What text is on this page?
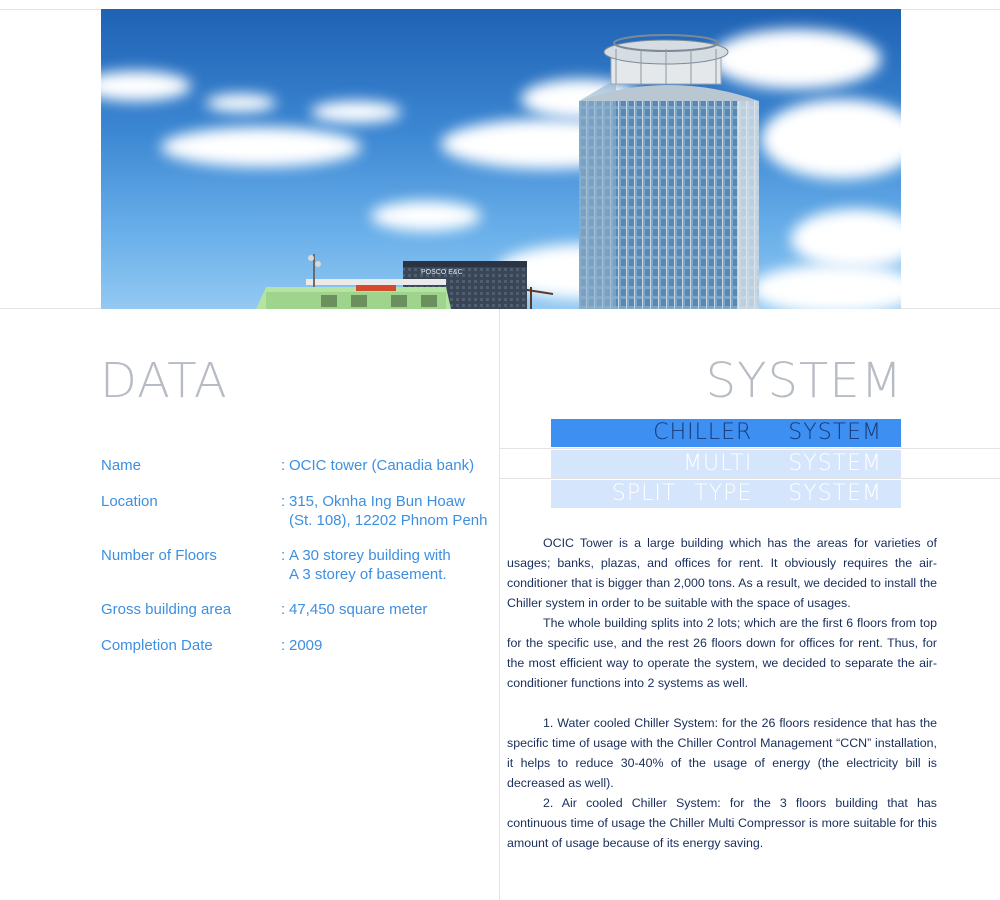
POSCO E&C
DATA
Name	: OCIC tower (Canadia bank)
Location	: 315, Oknha Ing Bun Hoaw
(St. 108), 12202 Phnom Penh
Number of Floors	: A 30 storey building with
A 3 storey of basement.
Gross building area	: 47,450 square meter
Completion Date	: 2009
SYSTEM
CHILLER  SYSTEM
MULTI  SYSTEM
SPLIT TYPE  SYSTEM

OCIC Tower is a large building which has the areas for varieties of usages; banks, plazas, and offices for rent. It obviously requires the air-conditioner that is bigger than 2,000 tons. As a result, we decided to install the Chiller system in order to be suitable with the space of usages.

The whole building splits into 2 lots; which are the first 6 floors from top for the specific use, and the rest 26 floors down for offices for rent. Thus, for the most efficient way to operate the system, we decided to separate the air-conditioner functions into 2 systems as well.

1. Water cooled Chiller System: for the 26 floors residence that has the specific time of usage with the Chiller Control Management “CCN” installation, it helps to reduce 30-40% of the usage of energy (the electricity bill is decreased as well).

2. Air cooled Chiller System: for the 3 floors building that has continuous time of usage the Chiller Multi Compressor is more suitable for this amount of usage because of its energy saving.
